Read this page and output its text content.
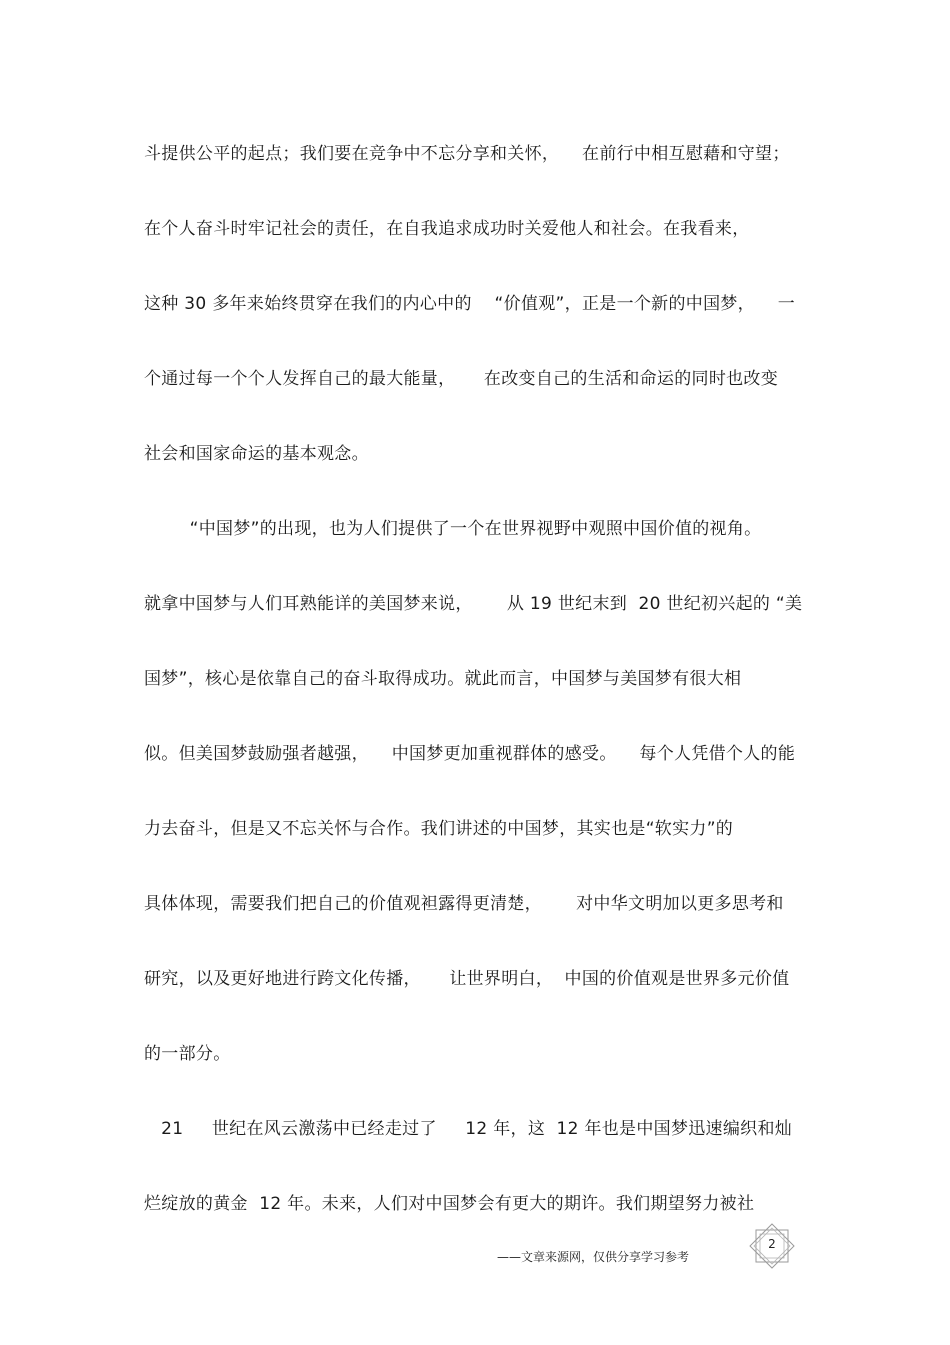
斗提供公平的起点；我们要在竞争中不忘分享和关怀，    在前行中相互慰藉和守望；
在个人奋斗时牢记社会的责任，在自我追求成功时关爱他人和社会。在我看来，
这种 30 多年来始终贯穿在我们的内心中的    “价值观”，正是一个新的中国梦，    一
个通过每一个个人发挥自己的最大能量，     在改变自己的生活和命运的同时也改变
社会和国家命运的基本观念。
“中国梦”的出现，也为人们提供了一个在世界视野中观照中国价值的视角。
就拿中国梦与人们耳熟能详的美国梦来说，      从 19 世纪末到  20 世纪初兴起的 “美
国梦”，核心是依靠自己的奋斗取得成功。就此而言，中国梦与美国梦有很大相
似。但美国梦鼓励强者越强，    中国梦更加重视群体的感受。    每个人凭借个人的能
力去奋斗，但是又不忘关怀与合作。我们讲述的中国梦，其实也是“软实力”的
具体体现，需要我们把自己的价值观袒露得更清楚，      对中华文明加以更多思考和
研究，以及更好地进行跨文化传播，     让世界明白，  中国的价值观是世界多元价值
的一部分。
21     世纪在风云激荡中已经走过了     12 年，这  12 年也是中国梦迅速编织和灿
烂绽放的黄金  12 年。未来，人们对中国梦会有更大的期许。我们期望努力被社
2
——文章来源网，仅供分享学习参考
